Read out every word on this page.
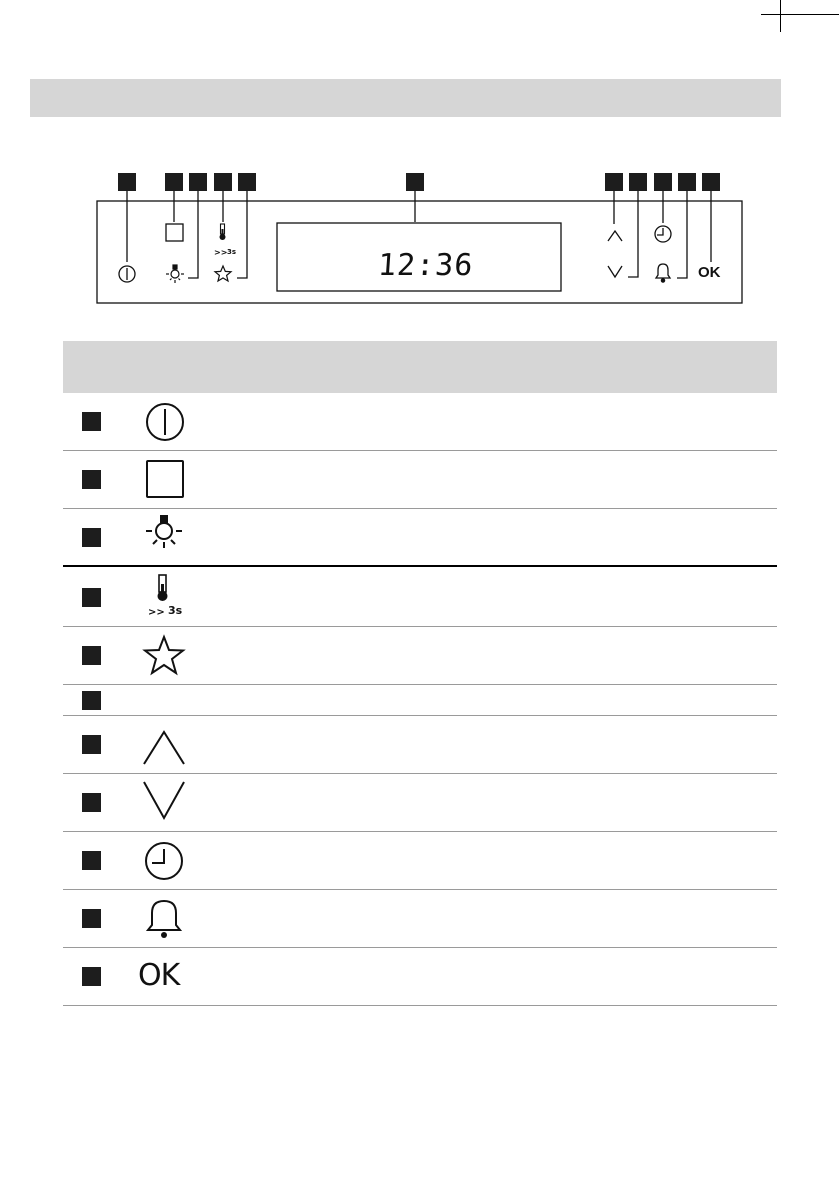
>> 3s	12:36	OK
>> 3s
OK
